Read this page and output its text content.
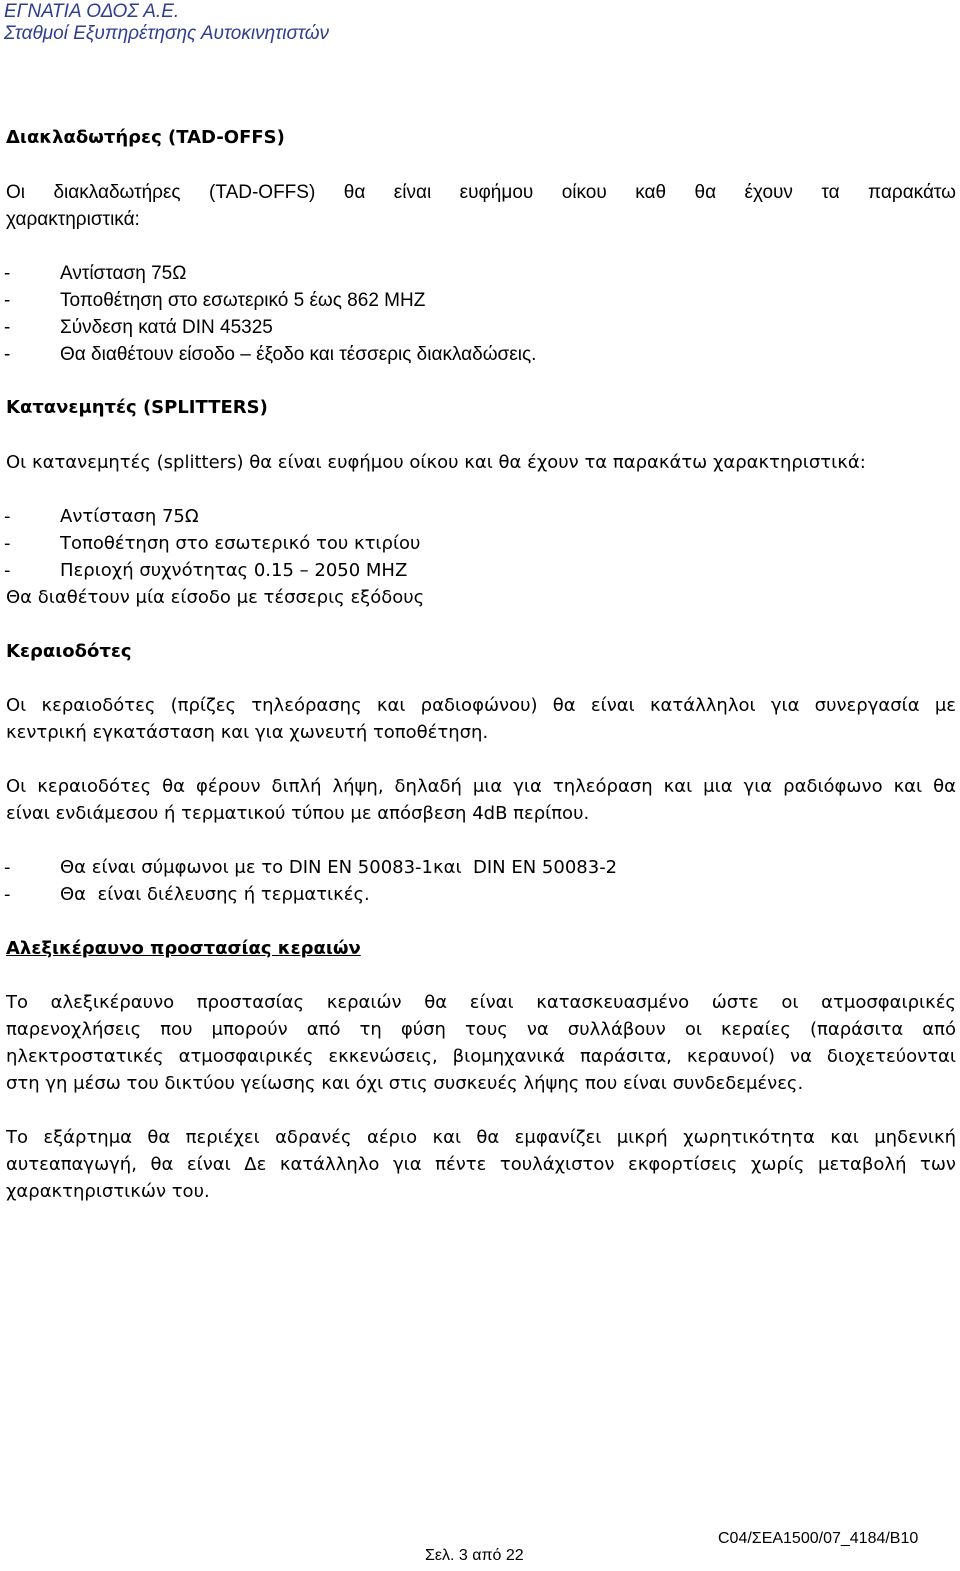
ΕΓΝΑΤΙΑ ΟΔΟΣ Α.Ε.
Σταθμοί Εξυπηρέτησης Αυτοκινητιστών
Διακλαδωτήρες (TAD-OFFS)
Οι διακλαδωτήρες (TAD-OFFS) θα είναι ευφήμου οίκου καθ θα έχουν τα παρακάτω
χαρακτηριστικά:
-	Αντίσταση 75Ω
-	Τοποθέτηση στο εσωτερικό 5 έως 862 MHZ
-	Σύνδεση κατά DIN 45325
-	Θα διαθέτουν είσοδο – έξοδο και τέσσερις διακλαδώσεις.
Κατανεμητές (SPLITTERS)
Οι κατανεμητές (splitters) θα είναι ευφήμου οίκου και θα έχουν τα παρακάτω χαρακτηριστικά:
-	Αντίσταση 75Ω
-	Τοποθέτηση στο εσωτερικό του κτιρίου
-	Περιοχή συχνότητας 0.15 – 2050 MHZ
Θα διαθέτουν μία είσοδο με τέσσερις εξόδους
Κεραιοδότες
Οι κεραιοδότες (πρίζες τηλεόρασης και ραδιοφώνου) θα είναι κατάλληλοι για συνεργασία με
κεντρική εγκατάσταση και για χωνευτή τοποθέτηση.
Οι κεραιοδότες θα φέρουν διπλή λήψη, δηλαδή μια για τηλεόραση και μια για ραδιόφωνο και θα
είναι ενδιάμεσου ή τερματικού τύπου με απόσβεση 4dB περίπου.
-	Θα είναι σύμφωνοι με το DIN EN 50083-1και  DIN EN 50083-2
-	Θα  είναι διέλευσης ή τερματικές.
Αλεξικέραυνο προστασίας κεραιών
Το αλεξικέραυνο προστασίας κεραιών θα είναι κατασκευασμένο ώστε οι ατμοσφαιρικές
παρενοχλήσεις που μπορούν από τη φύση τους να συλλάβουν οι κεραίες (παράσιτα από
ηλεκτροστατικές ατμοσφαιρικές εκκενώσεις, βιομηχανικά παράσιτα, κεραυνοί) να διοχετεύονται
στη γη μέσω του δικτύου γείωσης και όχι στις συσκευές λήψης που είναι συνδεδεμένες.
Το εξάρτημα θα περιέχει αδρανές αέριο και θα εμφανίζει μικρή χωρητικότητα και μηδενική
αυτεαπαγωγή, θα είναι Δε κατάλληλο για πέντε τουλάχιστον εκφορτίσεις χωρίς μεταβολή των
χαρακτηριστικών του.
C04/ΣΕΑ1500/07_4184/Β10
Σελ. 3 από 22
